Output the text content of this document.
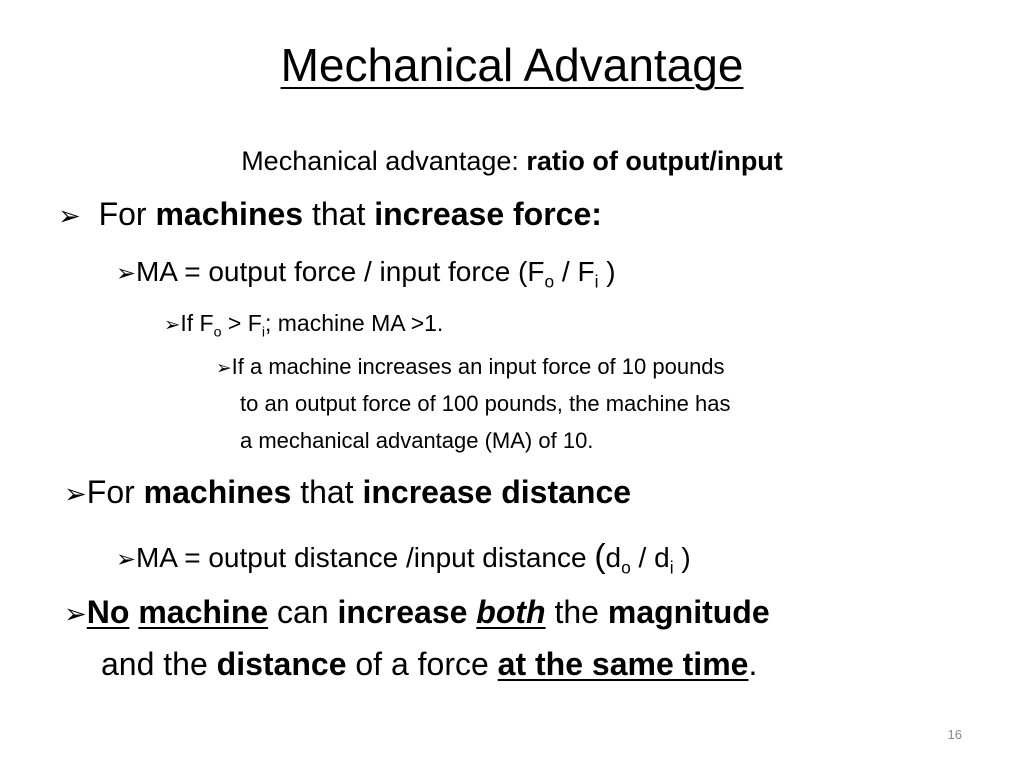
Mechanical Advantage
Mechanical advantage: ratio of output/input
➢ For machines that increase force:
➢MA = output force / input force ($F_o / F_i$ )
➢If $F_o > F_i$; machine MA >1.
➢If a machine increases an input force of 10 pounds
to an output force of 100 pounds, the machine has
a mechanical advantage (MA) of 10.
➢For machines that increase distance
➢MA = output distance /input distance ($d_o / d_i$ )
➢No machine can increase both the magnitude
and the distance of a force at the same time.
16
